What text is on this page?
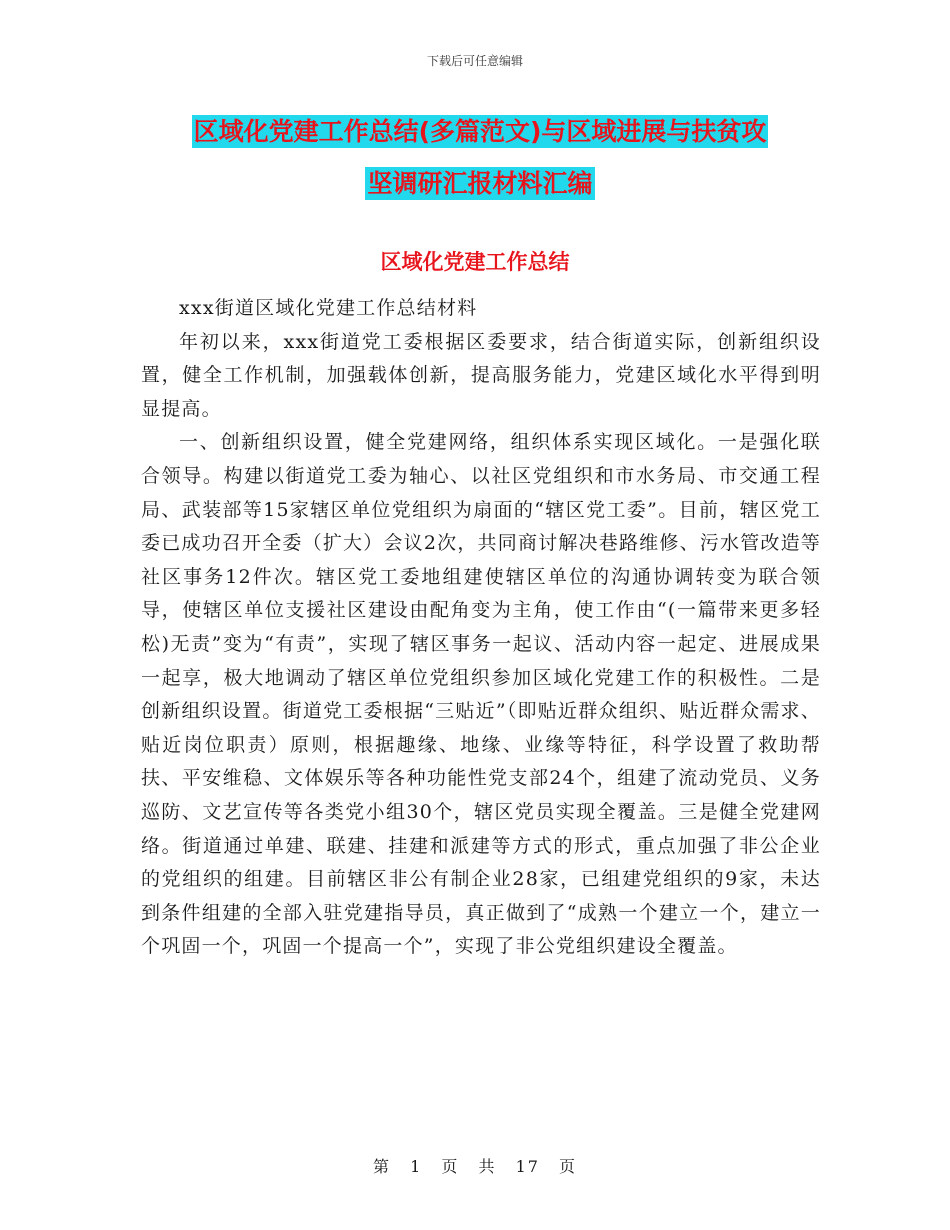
下载后可任意编辑
区域化党建工作总结(多篇范文)与区域进展与扶贫攻
坚调研汇报材料汇编
区域化党建工作总结

xxx街道区域化党建工作总结材料

年初以来，xxx街道党工委根据区委要求，结合街道实际，创新组织设置，健全工作机制，加强载体创新，提高服务能力，党建区域化水平得到明显提高。

一、创新组织设置，健全党建网络，组织体系实现区域化。一是强化联合领导。构建以街道党工委为轴心、以社区党组织和市水务局、市交通工程局、武装部等15家辖区单位党组织为扇面的“辖区党工委”。目前，辖区党工委已成功召开全委（扩大）会议2次，共同商讨解决巷路维修、污水管改造等社区事务12件次。辖区党工委地组建使辖区单位的沟通协调转变为联合领导，使辖区单位支援社区建设由配角变为主角，使工作由“(一篇带来更多轻松)无责”变为“有责”，实现了辖区事务一起议、活动内容一起定、进展成果一起享，极大地调动了辖区单位党组织参加区域化党建工作的积极性。二是创新组织设置。街道党工委根据“三贴近”（即贴近群众组织、贴近群众需求、贴近岗位职责）原则，根据趣缘、地缘、业缘等特征，科学设置了救助帮扶、平安维稳、文体娱乐等各种功能性党支部24个，组建了流动党员、义务巡防、文艺宣传等各类党小组30个，辖区党员实现全覆盖。三是健全党建网络。街道通过单建、联建、挂建和派建等方式的形式，重点加强了非公企业的党组织的组建。目前辖区非公有制企业28家，已组建党组织的9家，未达到条件组建的全部入驻党建指导员，真正做到了“成熟一个建立一个，建立一个巩固一个，巩固一个提高一个”，实现了非公党组织建设全覆盖。

第 1 页 共 17 页
